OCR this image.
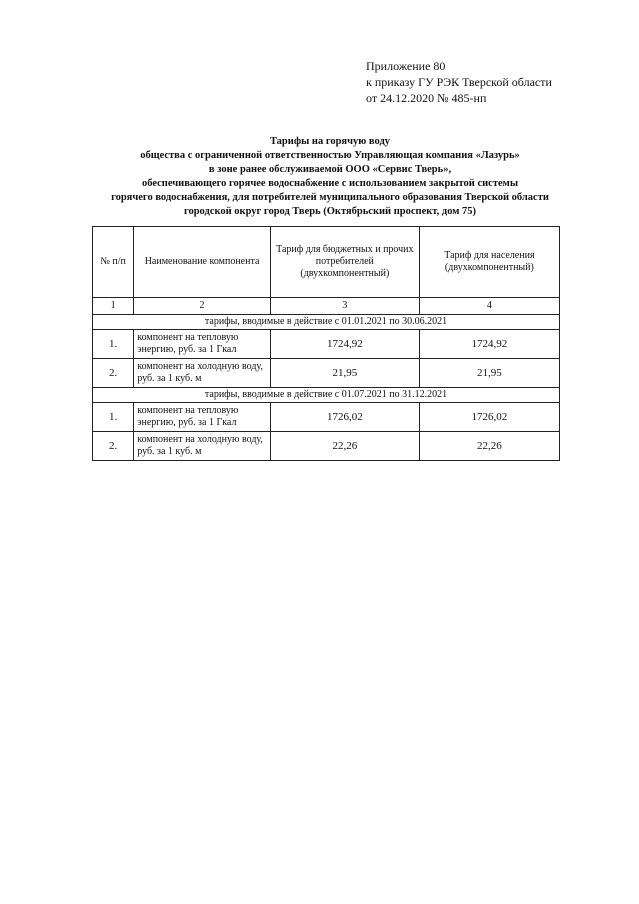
Приложение 80
к приказу ГУ РЭК Тверской области
от 24.12.2020 № 485-нп
Тарифы на горячую воду
общества с ограниченной ответственностью Управляющая компания «Лазурь»
в зоне ранее обслуживаемой ООО «Сервис Тверь»,
обеспечивающего горячее водоснабжение с использованием закрытой системы
горячего водоснабжения, для потребителей муниципального образования Тверской области
городской округ город Тверь (Октябрьский проспект, дом 75)
№ п/п	Наименование компонента	Тариф для бюджетных и прочих потребителей (двухкомпонентный)	Тариф для населения (двухкомпонентный)
1	2	3	4
тарифы, вводимые в действие с 01.01.2021 по 30.06.2021			
1.	компонент на тепловую энергию, руб. за 1 Гкал	1724,92	1724,92
2.	компонент на холодную воду, руб. за 1 куб. м	21,95	21,95
тарифы, вводимые в действие с 01.07.2021 по 31.12.2021			
1.	компонент на тепловую энергию, руб. за 1 Гкал	1726,02	1726,02
2.	компонент на холодную воду, руб. за 1 куб. м	22,26	22,26
